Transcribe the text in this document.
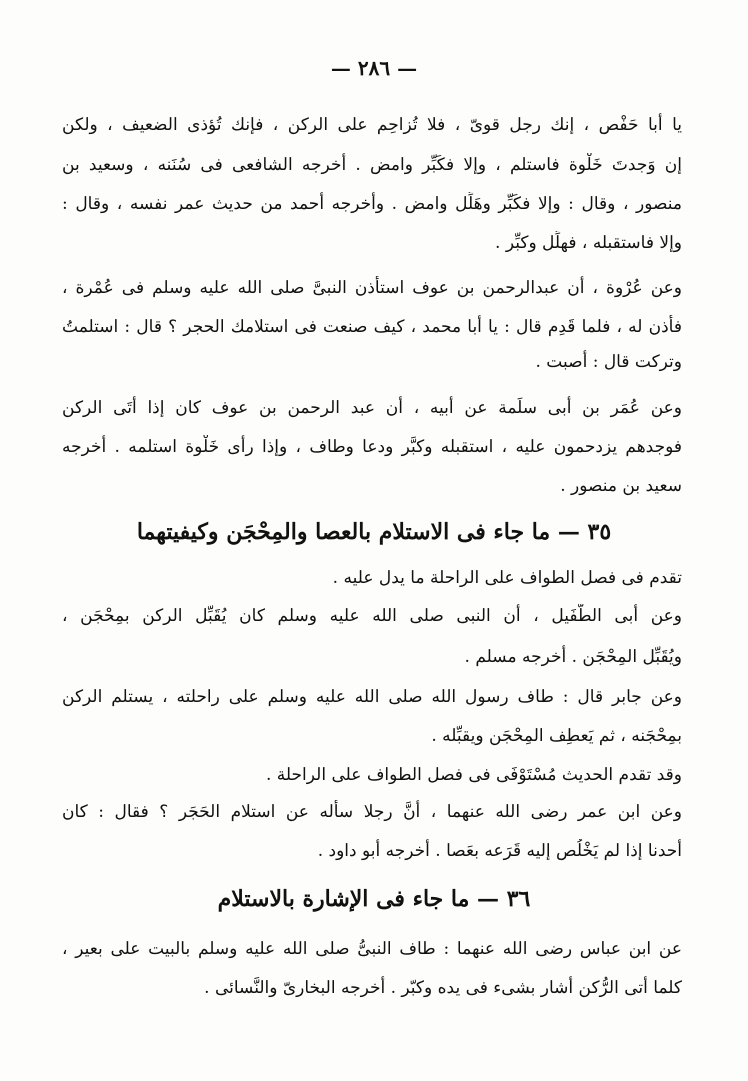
— ٢٨٦ —
يا أبا حَفْص ، إنك رجل قوىّ ، فلا تُزاحِم على الركن ، فإنك تُؤذى الضعيف ، ولكن
إن وَجدتَ خَلْوة فاستلم ، وإلا فكَبِّر وامض . أخرجه الشافعى فى سُنَنه ، وسعيد بن
منصور ، وقال : وإلا فكَبِّر وهَلِّل وامض . وأخرجه أحمد من حديث عمر نفسه ، وقال :
وإلا فاستقبله ، فهلِّل وكبِّر .
وعن عُرْوة ، أن عبدالرحمن بن عوف استأذن النبىَّ صلى الله عليه وسلم فى عُمْرة ،
فأذن له ، فلما قَدِم قال : يا أبا محمد ، كيف صنعت فى استلامك الحجر ؟ قال : استلمتُ
وتركت قال : أصبت .
وعن عُمَر بن أبى سلَمة عن أبيه ، أن عبد الرحمن بن عوف كان إذا أتَى الركن
فوجدهم يزدحمون عليه ، استقبله وكبَّر ودعا وطاف ، وإذا رأى خَلْوة استلمه . أخرجه
سعيد بن منصور .
٣٥ — ما جاء فى الاستلام بالعصا والمِحْجَن وكيفيتهما
تقدم فى فصل الطواف على الراحلة ما يدل عليه .
وعن أبى الطُّفَيل ، أن النبى صلى الله عليه وسلم كان يُقَبِّل الركن بمِحْجَن ،
ويُقَبِّل المِحْجَن . أخرجه مسلم .
وعن جابر قال : طاف رسول الله صلى الله عليه وسلم على راحلته ، يستلم الركن
بمِحْجَنه ، ثم يَعطِف المِحْجَن ويقبِّله .
وقد تقدم الحديث مُسْتَوْفَى فى فصل الطواف على الراحلة .
وعن ابن عمر رضى الله عنهما ، أنَّ رجلا سأله عن استلام الحَجَر ؟ فقال : كان
أحدنا إذا لم يَخْلُص إليه قَرَعه بعَصا . أخرجه أبو داود .
٣٦ — ما جاء فى الإشارة بالاستلام
عن ابن عباس رضى الله عنهما : طاف النبىُّ صلى الله عليه وسلم بالبيت على بعير ،
كلما أتى الرُّكن أشار بشىء فى يده وكبّر . أخرجه البخارىّ والنَّسائى .
